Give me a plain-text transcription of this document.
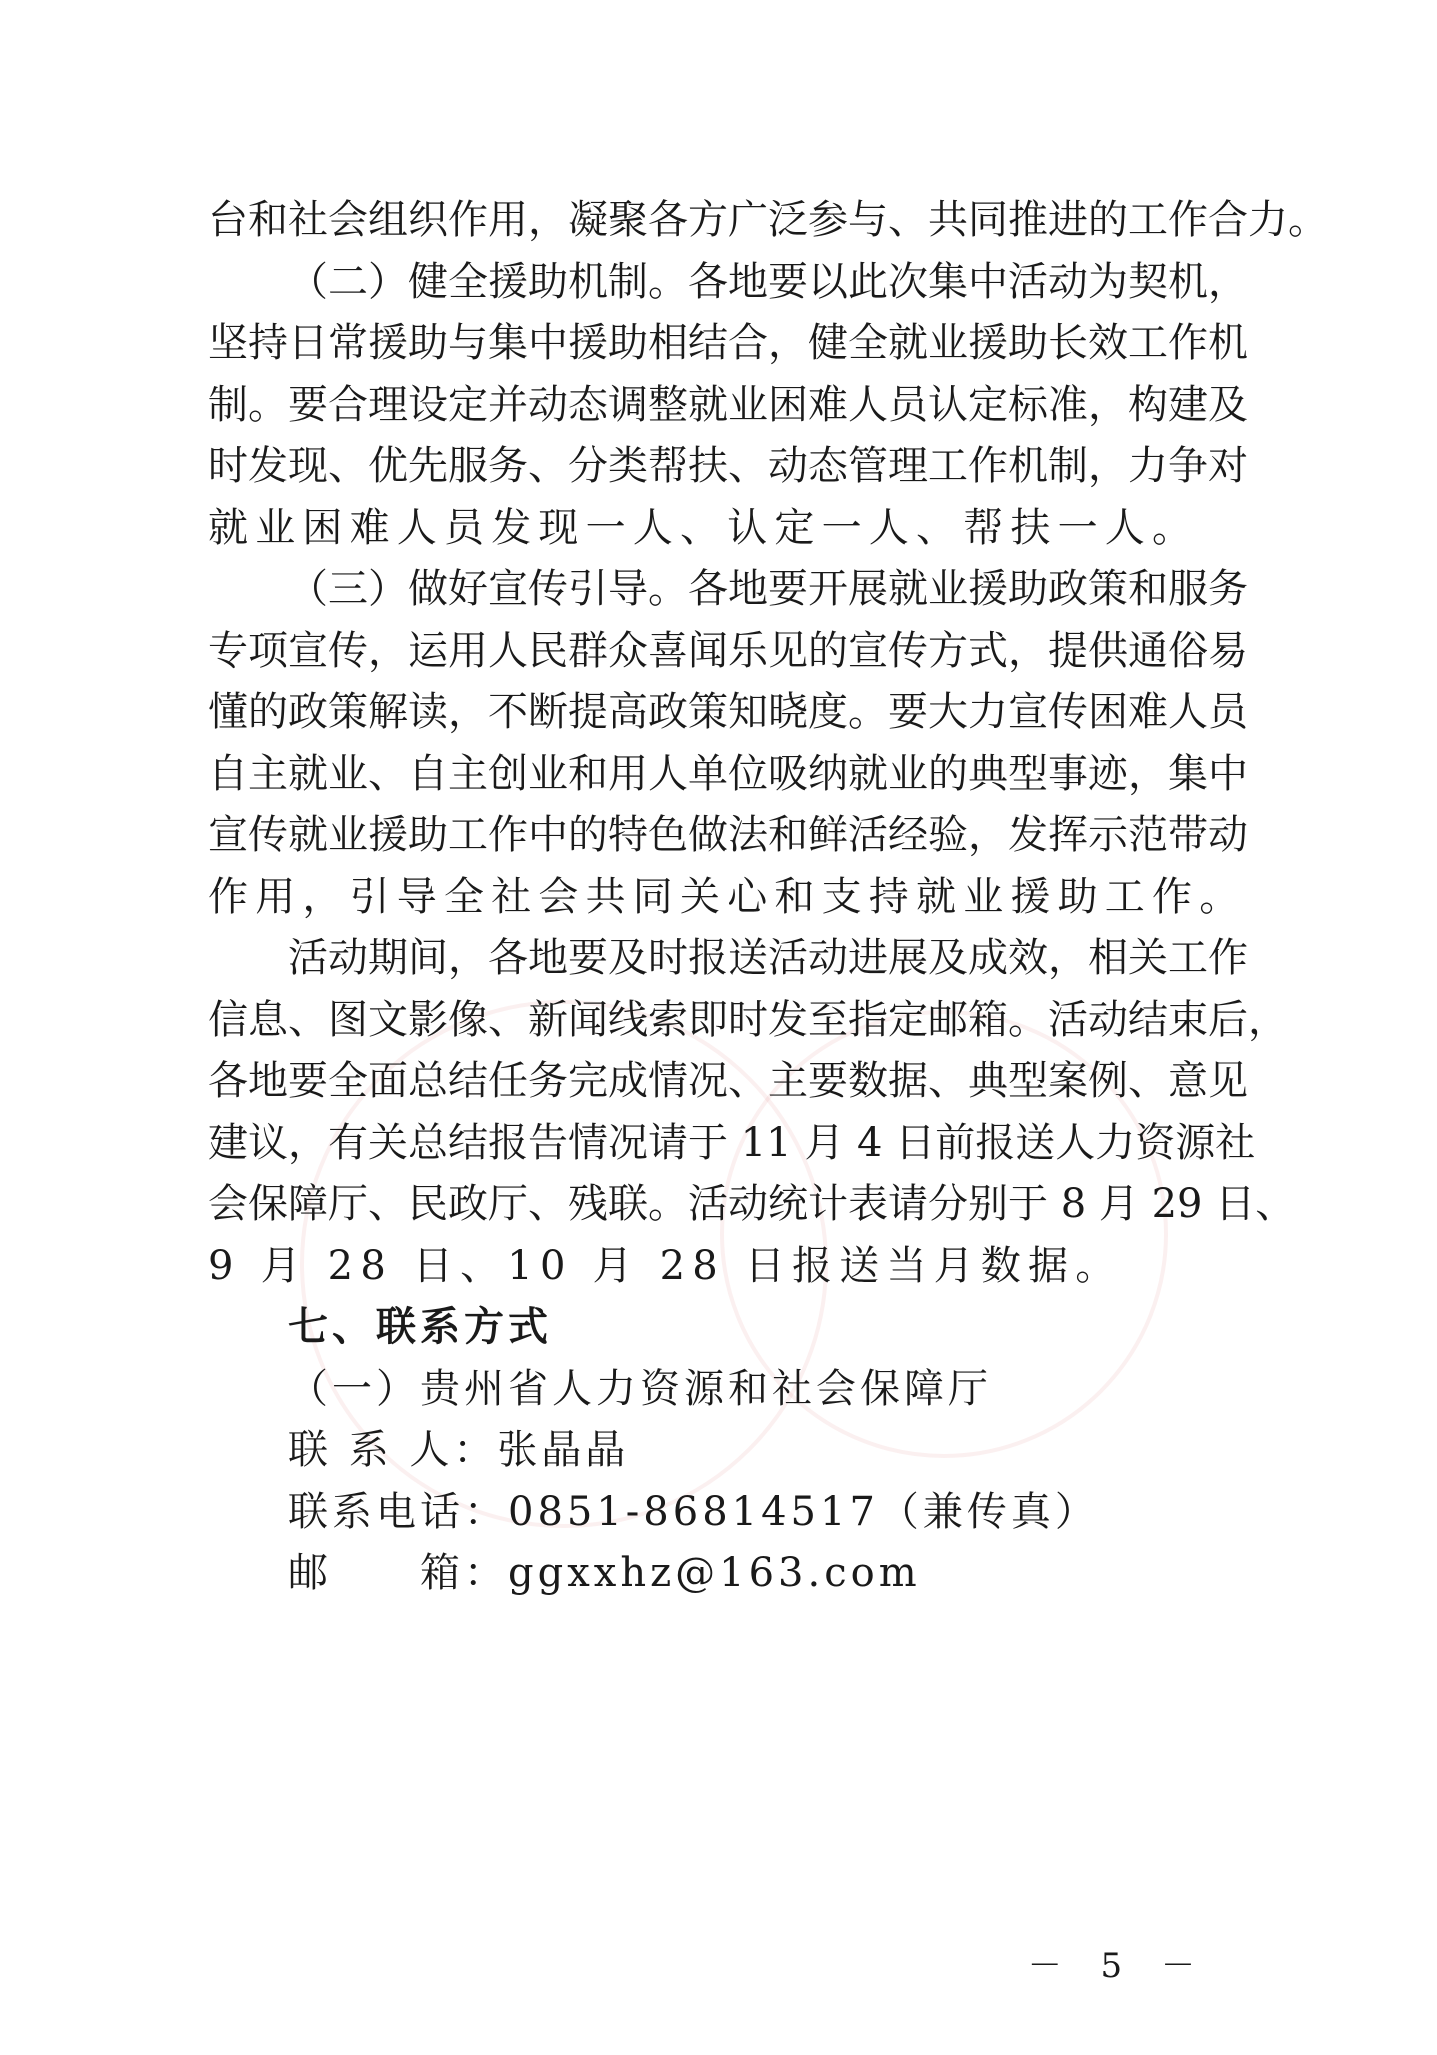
台和社会组织作用，凝聚各方广泛参与、共同推进的工作合力。
（二）健全援助机制。各地要以此次集中活动为契机，
坚持日常援助与集中援助相结合，健全就业援助长效工作机
制。要合理设定并动态调整就业困难人员认定标准，构建及
时发现、优先服务、分类帮扶、动态管理工作机制，力争对
就业困难人员发现一人、认定一人、帮扶一人。
（三）做好宣传引导。各地要开展就业援助政策和服务
专项宣传，运用人民群众喜闻乐见的宣传方式，提供通俗易
懂的政策解读，不断提高政策知晓度。要大力宣传困难人员
自主就业、自主创业和用人单位吸纳就业的典型事迹，集中
宣传就业援助工作中的特色做法和鲜活经验，发挥示范带动
作用，引导全社会共同关心和支持就业援助工作。
活动期间，各地要及时报送活动进展及成效，相关工作
信息、图文影像、新闻线索即时发至指定邮箱。活动结束后，
各地要全面总结任务完成情况、主要数据、典型案例、意见
建议，有关总结报告情况请于 11 月 4 日前报送人力资源社
会保障厅、民政厅、残联。活动统计表请分别于 8 月 29 日、
9 月 28 日、10 月 28 日报送当月数据。
七、联系方式
（一）贵州省人力资源和社会保障厅
联 系 人：张晶晶
联系电话：0851-86814517（兼传真）
邮　　箱：ggxxhz@163.com
－ 5 －
